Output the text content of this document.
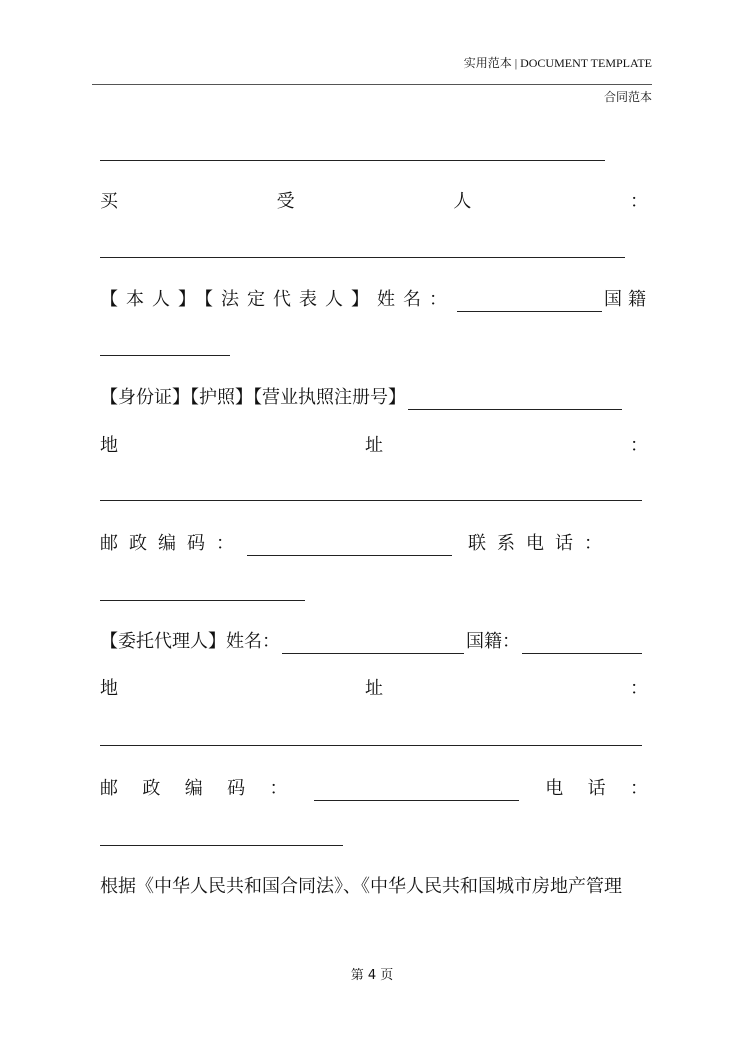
实用范本 | DOCUMENT TEMPLATE
合同范本
买	受	人	：
【本人】【法定代表人】姓名：	国籍
【身份证】【护照】【营业执照注册号】
地	址	：
邮政编码：	联系电话：
【委托代理人】姓名：	国籍：
地	址	：
邮 政 编 码 ：	电 话 ：
根据《中华人民共和国合同法》、《中华人民共和国城市房地产管理
第 4 页
